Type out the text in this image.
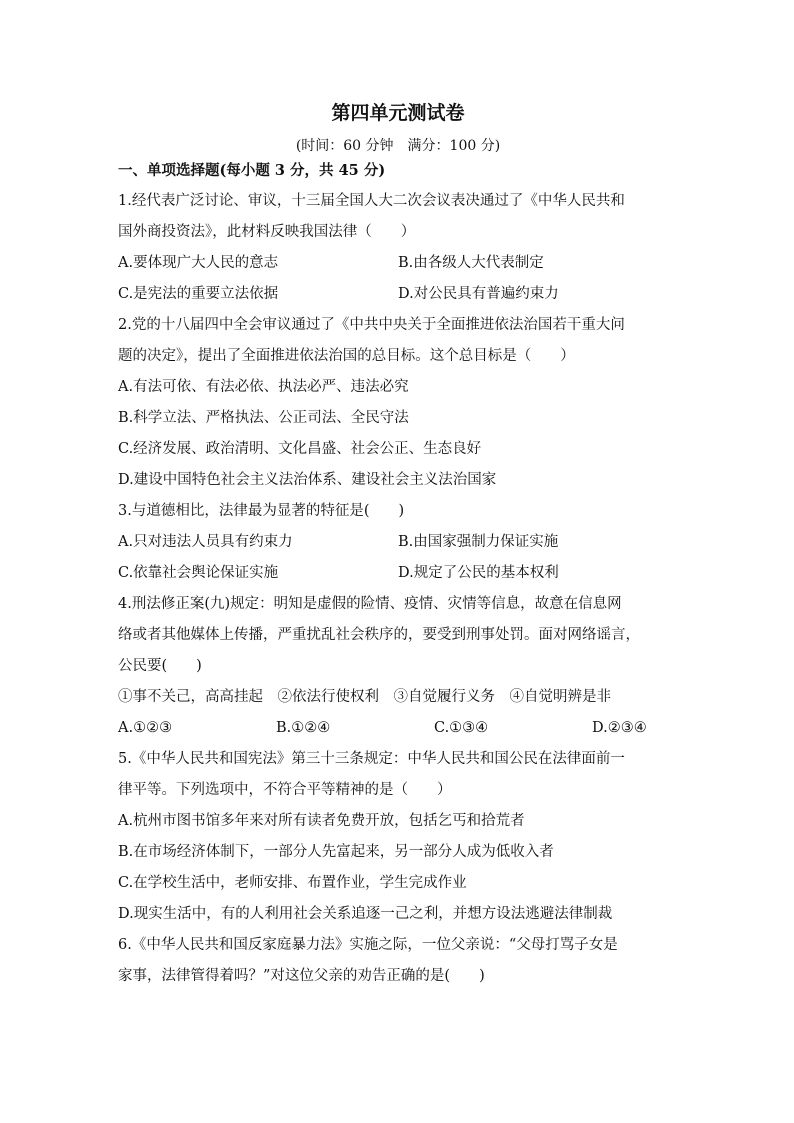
第四单元测试卷
(时间：60 分钟　满分：100 分)
一、单项选择题(每小题 3 分，共 45 分)
1.经代表广泛讨论、审议，十三届全国人大二次会议表决通过了《中华人民共和
国外商投资法》，此材料反映我国法律（　　）
A.要体现广大人民的意志	B.由各级人大代表制定
C.是宪法的重要立法依据	D.对公民具有普遍约束力
2.党的十八届四中全会审议通过了《中共中央关于全面推进依法治国若干重大问
题的决定》，提出了全面推进依法治国的总目标。这个总目标是（　　）
A.有法可依、有法必依、执法必严、违法必究
B.科学立法、严格执法、公正司法、全民守法
C.经济发展、政治清明、文化昌盛、社会公正、生态良好
D.建设中国特色社会主义法治体系、建设社会主义法治国家
3.与道德相比，法律最为显著的特征是(　　)
A.只对违法人员具有约束力	B.由国家强制力保证实施
C.依靠社会舆论保证实施	D.规定了公民的基本权利
4.刑法修正案(九)规定：明知是虚假的险情、疫情、灾情等信息，故意在信息网
络或者其他媒体上传播，严重扰乱社会秩序的，要受到刑事处罚。面对网络谣言，
公民要(　　)
①事不关己，高高挂起　②依法行使权利　③自觉履行义务　④自觉明辨是非
A.①②③	B.①②④	C.①③④	D.②③④
5.《中华人民共和国宪法》第三十三条规定：中华人民共和国公民在法律面前一
律平等。下列选项中，不符合平等精神的是（　　）
A.杭州市图书馆多年来对所有读者免费开放，包括乞丐和拾荒者
B.在市场经济体制下，一部分人先富起来，另一部分人成为低收入者
C.在学校生活中，老师安排、布置作业，学生完成作业
D.现实生活中，有的人利用社会关系追逐一己之利，并想方设法逃避法律制裁
6.《中华人民共和国反家庭暴力法》实施之际，一位父亲说：“父母打骂子女是
家事，法律管得着吗？”对这位父亲的劝告正确的是(　　)
